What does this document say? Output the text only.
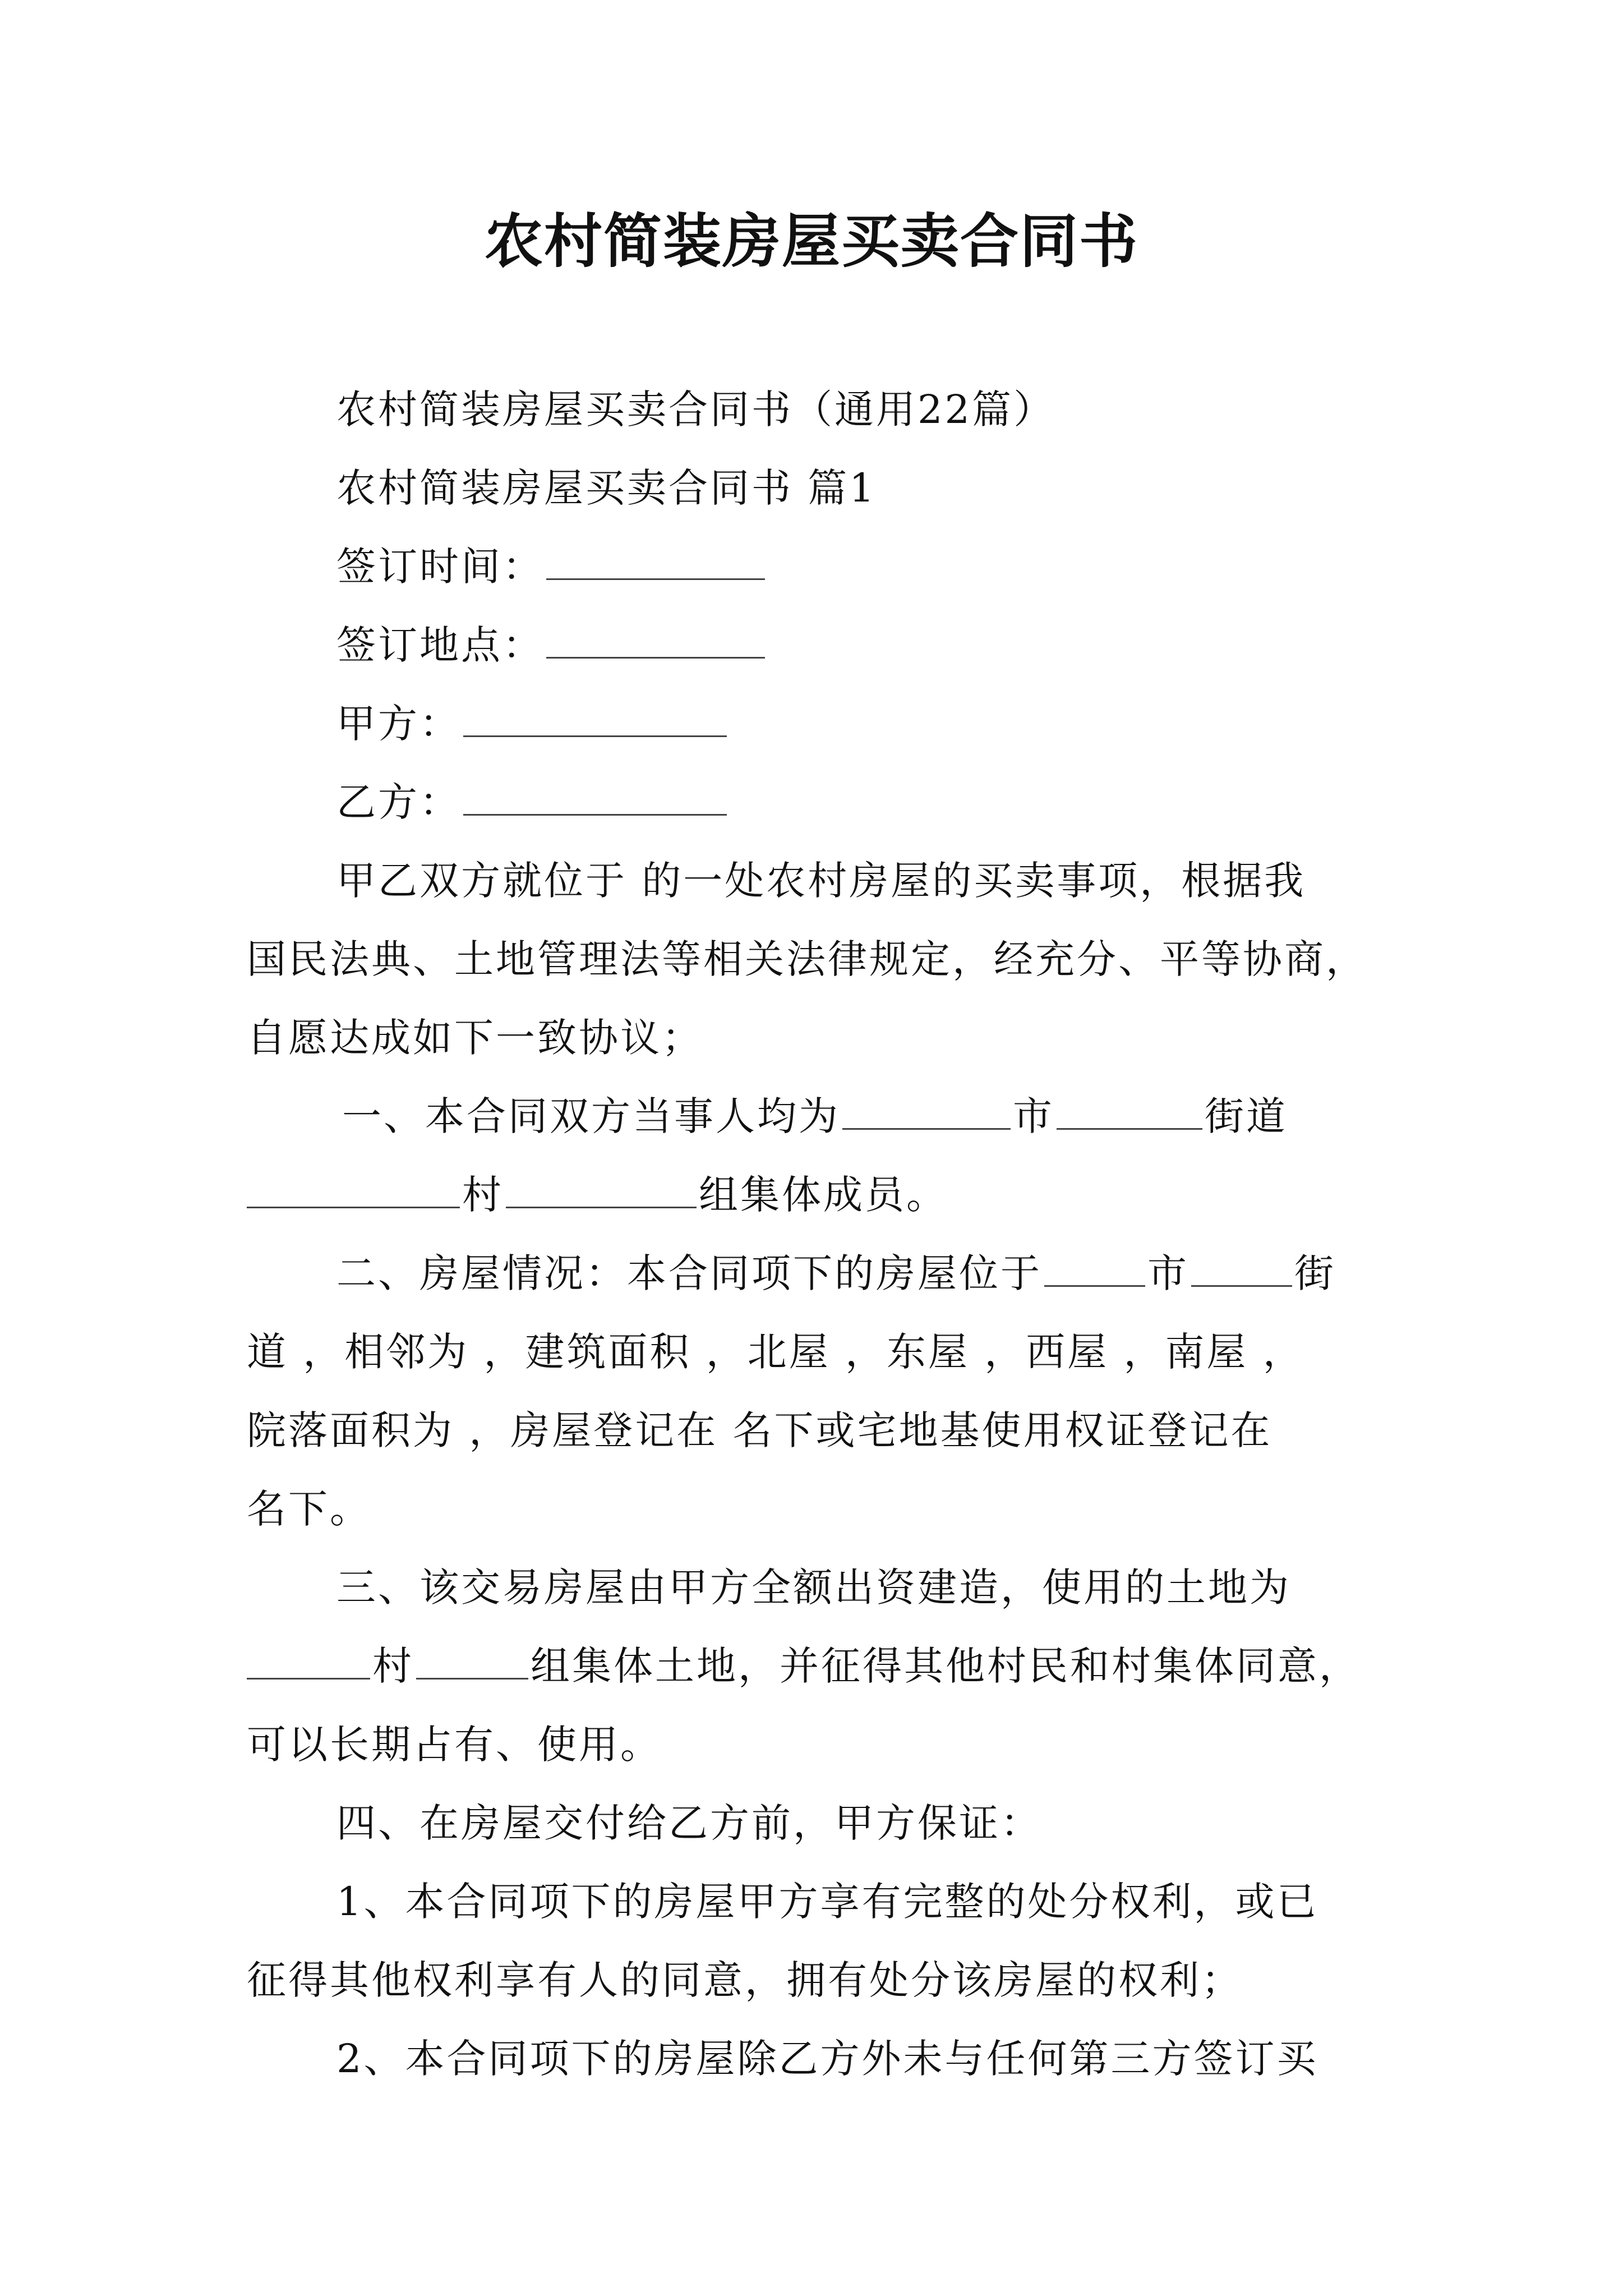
农村简装房屋买卖合同书
农村简装房屋买卖合同书（通用22篇）
农村简装房屋买卖合同书 篇1
签订时间：
签订地点：
甲方：
乙方：
甲乙双方就位于 的一处农村房屋的买卖事项，根据我
国民法典、土地管理法等相关法律规定，经充分、平等协商，
自愿达成如下一致协议；
一、本合同双方当事人均为	市	街道
村	组集体成员。
二、房屋情况：本合同项下的房屋位于	市	街
道 ，相邻为 ，建筑面积 ，北屋 ，东屋 ，西屋 ，南屋 ，
院落面积为 ，房屋登记在 名下或宅地基使用权证登记在
名下。
三、该交易房屋由甲方全额出资建造，使用的土地为
村	组集体土地，并征得其他村民和村集体同意，
可以长期占有、使用。
四、在房屋交付给乙方前，甲方保证：
1、本合同项下的房屋甲方享有完整的处分权利，或已
征得其他权利享有人的同意，拥有处分该房屋的权利；
2、本合同项下的房屋除乙方外未与任何第三方签订买
